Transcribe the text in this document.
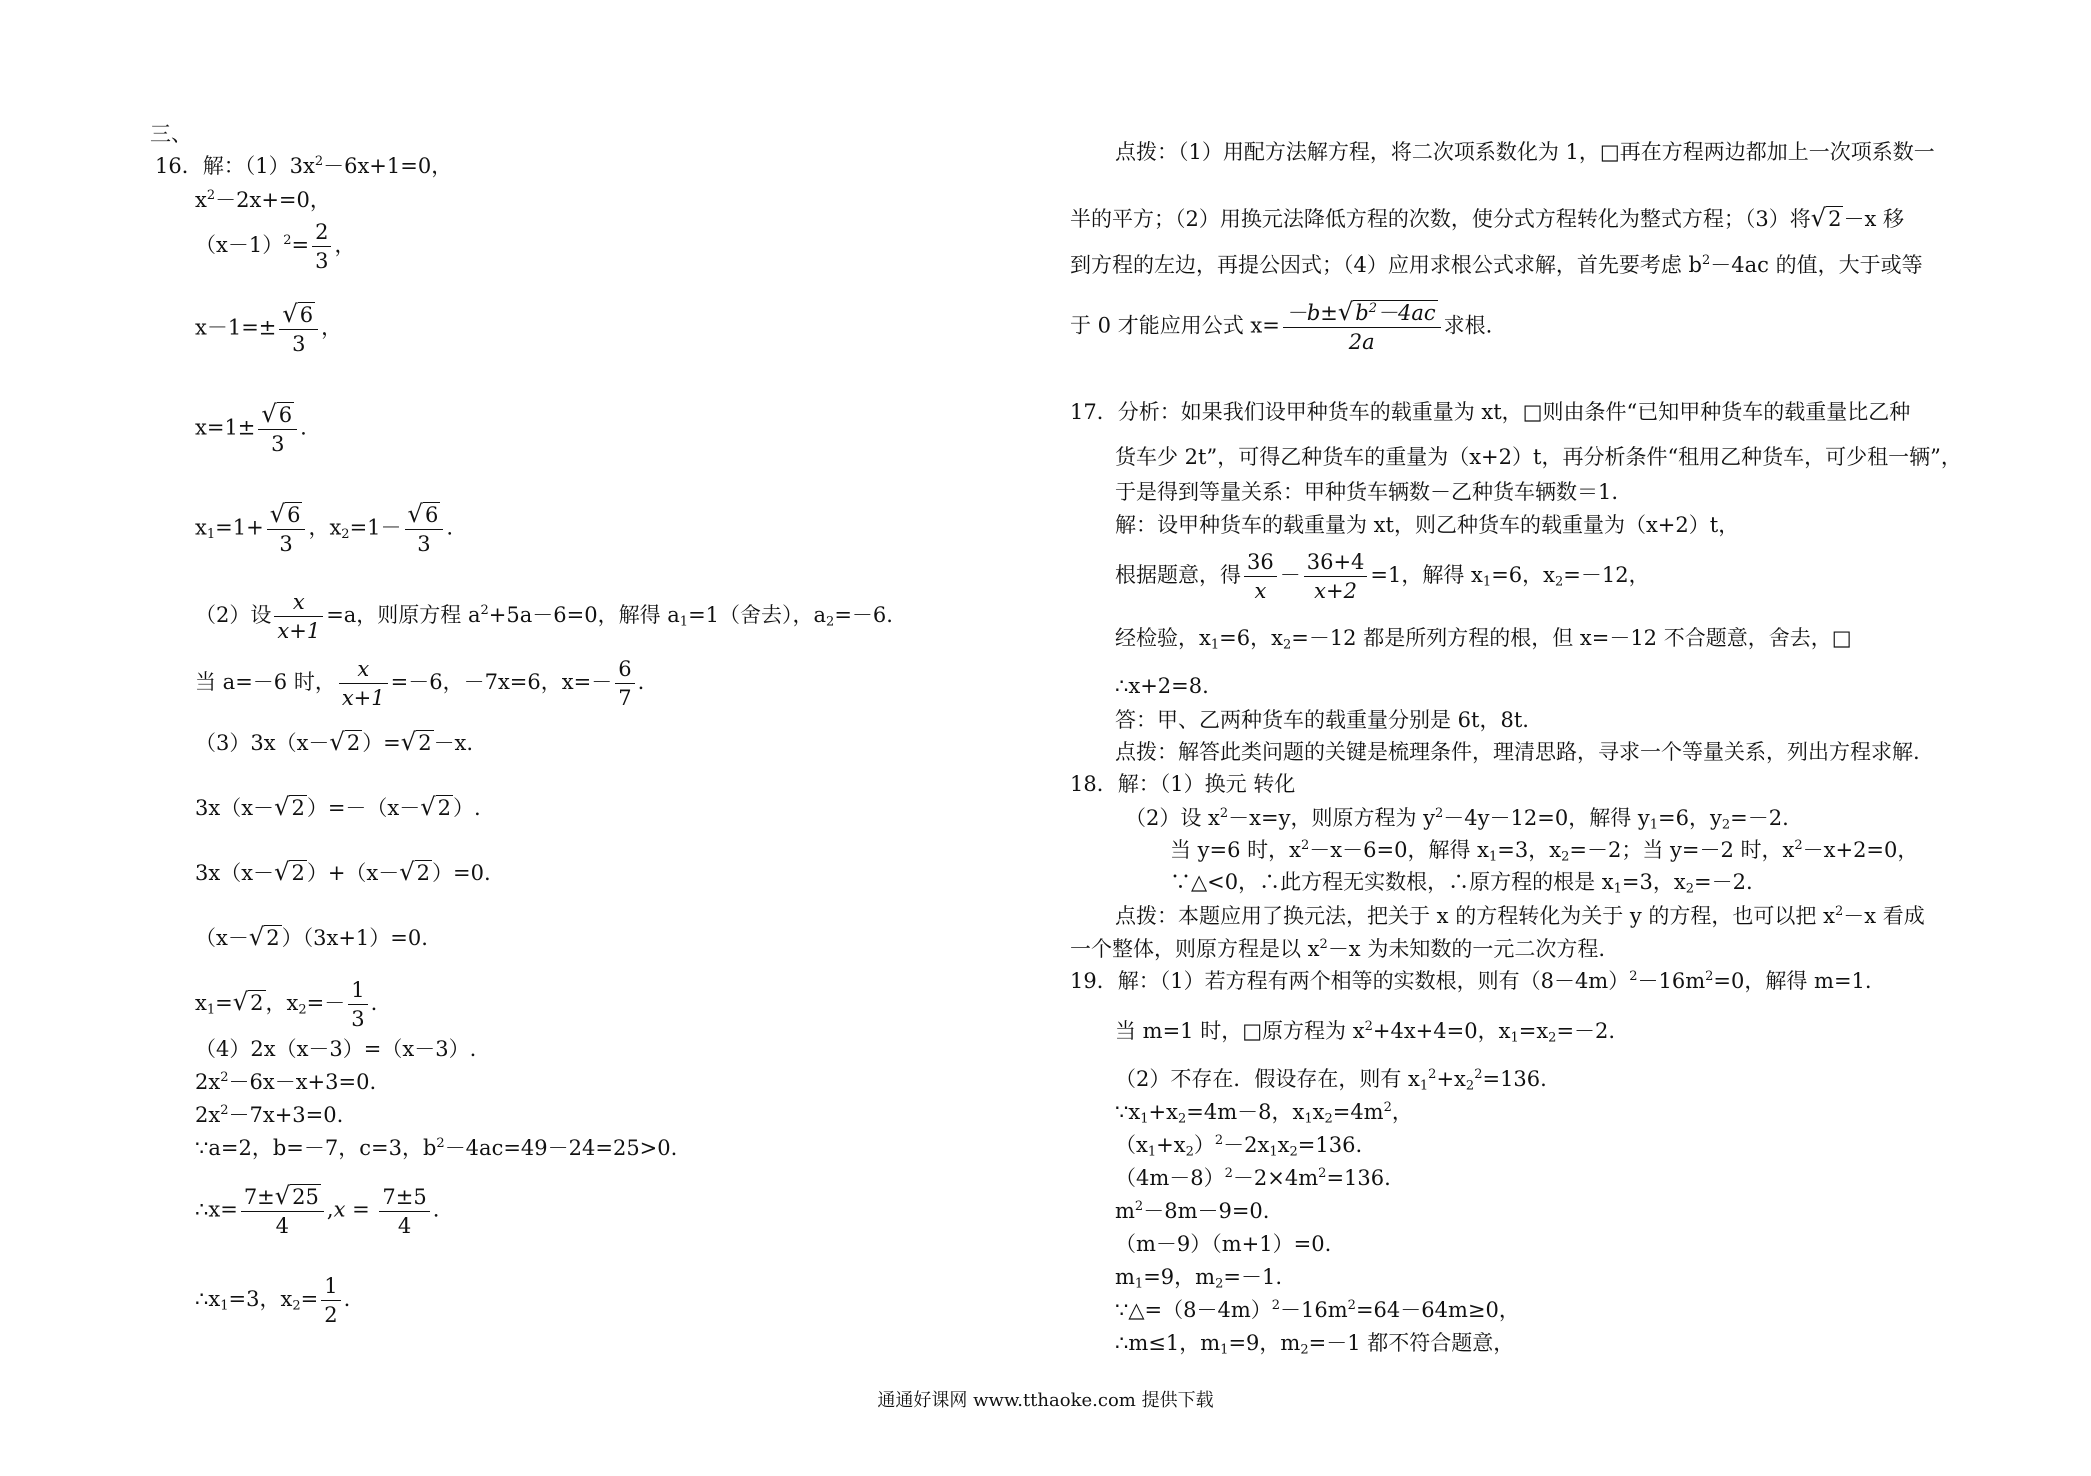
三、
16．解：$(1)3x^2-6x+1=0$，
$x^2-2x+=0$，
$(x-1)^2= \frac{2}{3}$ ，
$x-1=\pm \frac{√6}{3}$ ，
$x=1\pm \frac{√6}{3}$ .
$x_1=1+ \frac{√6}{3}$ ，$x_2=1- \frac{√6}{3}$ .
（2）设 $\frac{x}{x+1} =a$，则原方程 $a^2+5a-6=0$，解得 $a_1=1$（舍去），$a_2=-6$.
当 a=－6 时， $\frac{x}{x+1} =-6$，－7x=6，$x=- \frac{6}{7}$ .
（3）3x（x－√2）=√2－x.
3x（x－√2）=－（x－√2）.
3x（x－√2）+（x－√2）=0.
（x－√2）（3x+1）=0.
$x_1=√2$，$x_2=- \frac{1}{3}$ .
（4）2x（x－3）=（x－3）.
$2x^2-6x-x+3=0$.
$2x^2-7x+3=0$.
∵a=2，b=－7，c=3，$b^2-4ac=49-24=25>0$.
∴x= $\frac{7\pm√25}{4} ,x = \frac{7\pm 5}{4}$ .
$\therefore x_1=3$，$x_2= \frac{1}{2}$ .
点拨：（1）用配方法解方程，将二次项系数化为 1，□再在方程两边都加上一次项系数一
半的平方；（2）用换元法降低方程的次数，使分式方程转化为整式方程；（3）将√2－x 移
到方程的左边，再提公因式；（4）应用求根公式求解，首先要考虑 $b^2-4ac$ 的值，大于或等
于 0 才能应用公式 $x= \frac{-b\pm√b^2-4ac}{2a}$ 求根.
17．分析：如果我们设甲种货车的载重量为 xt，□则由条件“已知甲种货车的载重量比乙种
货车少 2t”，可得乙种货车的重量为（x+2）t，再分析条件“租用乙种货车，可少租一辆”，
于是得到等量关系：甲种货车辆数－乙种货车辆数＝1.
解：设甲种货车的载重量为 xt，则乙种货车的载重量为（x+2）t，
根据题意，得 $\frac{36}{x} - \frac{36+4}{x+2} =1$，解得 $x_1=6$，$x_2=-12$，
经检验，$x_1=6$，$x_2=-12$ 都是所列方程的根，但 x=－12 不合题意，舍去，□
∴x+2=8.
答：甲、乙两种货车的载重量分别是 6t，8t.
点拨：解答此类问题的关键是梳理条件，理清思路，寻求一个等量关系，列出方程求解.
18．解：（1）换元 转化
（2）设 $x^2-x=y$，则原方程为 $y^2-4y-12=0$，解得 $y_1=6$，$y_2=-2$.
当 y=6 时，$x^2-x-6=0$，解得 $x_1=3$，$x_2=-2$；当 y=－2 时，$x^2-x+2=0$，
∵△<0，∴此方程无实数根，∴原方程的根是 $x_1=3$，$x_2=-2$.
点拨：本题应用了换元法，把关于 x 的方程转化为关于 y 的方程，也可以把 $x^2-x$ 看成
一个整体，则原方程是以 $x^2-x$ 为未知数的一元二次方程.
19．解：（1）若方程有两个相等的实数根，则有$(8-4m)^2-16m^2=0$，解得 m=1.
当 m=1 时，□原方程为 $x^2+4x+4=0$，$x_1=x_2=-2$.
（2）不存在．假设存在，则有 $x_1^2+x_2^2=136$.
$\because x_1+x_2=4m-8$，$x_1x_2=4m^2$，
$(x_1+x_2)^2-2x_1x_2=136$.
$(4m-8)^2-2\times 4m^2=136$.
$m^2-8m-9=0$.
（m－9）（m+1）=0.
$m_1=9$，$m_2=-1$.
$\because\triangle=(8-4m)^2-16m^2=64-64m\ge 0$，
∴m≤1，$m_1=9$，$m_2=-1$ 都不符合题意，
通通好课网 www.tthaoke.com 提供下载
